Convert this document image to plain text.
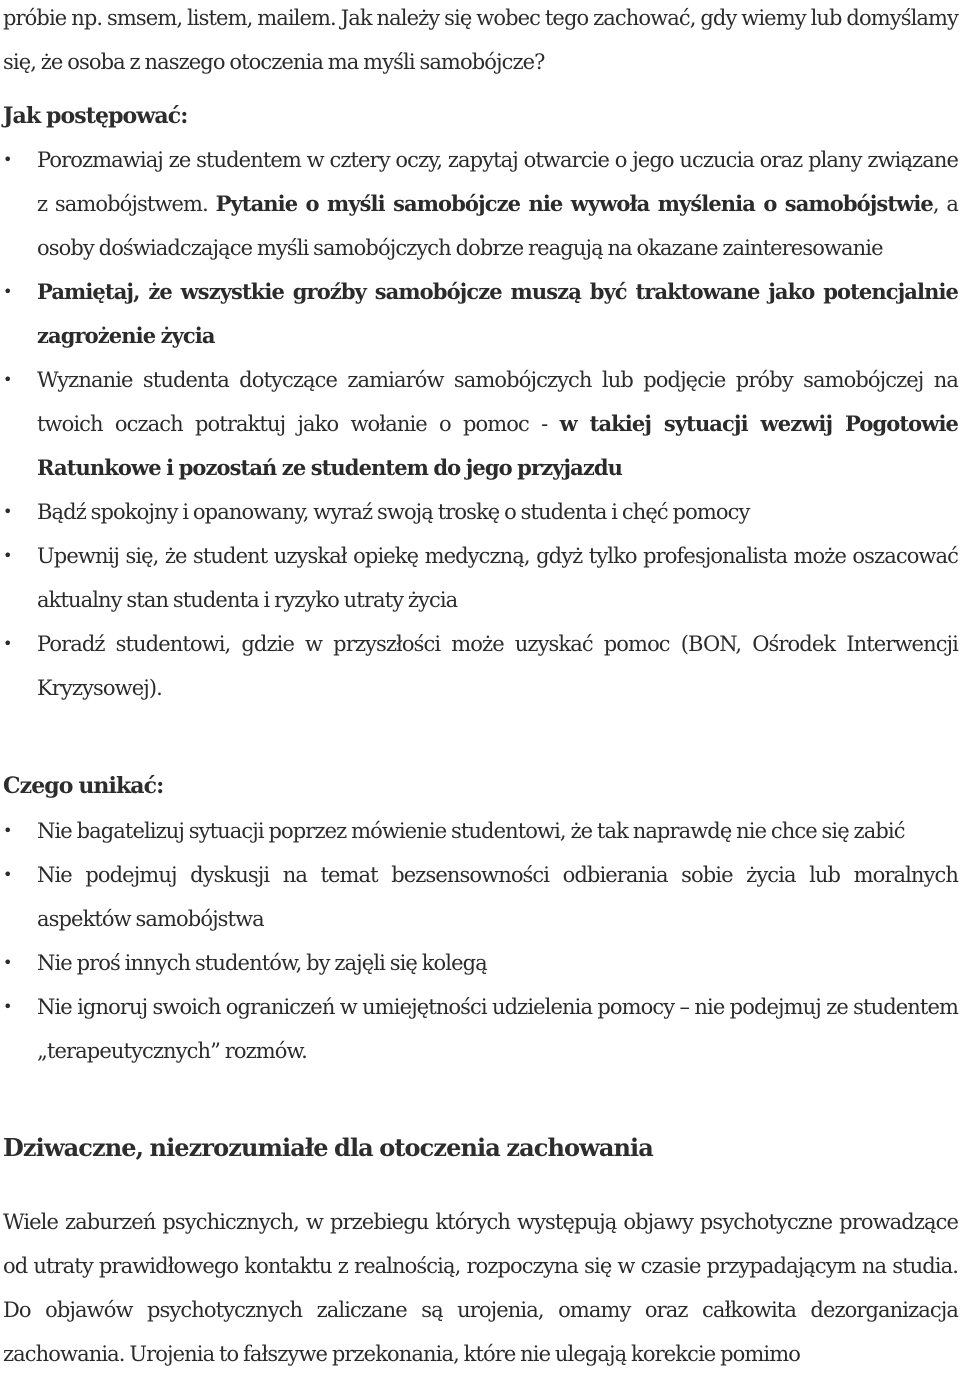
próbie np. smsem, listem, mailem. Jak należy się wobec tego zachować, gdy wiemy lub domyślamy się, że osoba z naszego otoczenia ma myśli samobójcze?
Jak postępować:
• Porozmawiaj ze studentem w cztery oczy, zapytaj otwarcie o jego uczucia oraz plany związane z samobójstwem. Pytanie o myśli samobójcze nie wywoła myślenia o samobójstwie, a osoby doświadczające myśli samobójczych dobrze reagują na okazane zainteresowanie
• Pamiętaj, że wszystkie groźby samobójcze muszą być traktowane jako potencjalnie zagrożenie życia
• Wyznanie studenta dotyczące zamiarów samobójczych lub podjęcie próby samobójczej na twoich oczach potraktuj jako wołanie o pomoc - w takiej sytuacji wezwij Pogotowie Ratunkowe i pozostań ze studentem do jego przyjazdu
• Bądź spokojny i opanowany, wyraź swoją troskę o studenta i chęć pomocy
• Upewnij się, że student uzyskał opiekę medyczną, gdyż tylko profesjonalista może oszacować aktualny stan studenta i ryzyko utraty życia
• Poradź studentowi, gdzie w przyszłości może uzyskać pomoc (BON, Ośrodek Interwencji Kryzysowej).
Czego unikać:
• Nie bagatelizuj sytuacji poprzez mówienie studentowi, że tak naprawdę nie chce się zabić
• Nie podejmuj dyskusji na temat bezsensowności odbierania sobie życia lub moralnych aspektów samobójstwa
• Nie proś innych studentów, by zajęli się kolegą
• Nie ignoruj swoich ograniczeń w umiejętności udzielenia pomocy – nie podejmuj ze studentem „terapeutycznych” rozmów.
Dziwaczne, niezrozumiałe dla otoczenia zachowania
Wiele zaburzeń psychicznych, w przebiegu których występują objawy psychotyczne prowadzące od utraty prawidłowego kontaktu z realnością, rozpoczyna się w czasie przypadającym na studia. Do objawów psychotycznych zaliczane są urojenia, omamy oraz całkowita dezorganizacja zachowania. Urojenia to fałszywe przekonania, które nie ulegają korekcie pomimo
